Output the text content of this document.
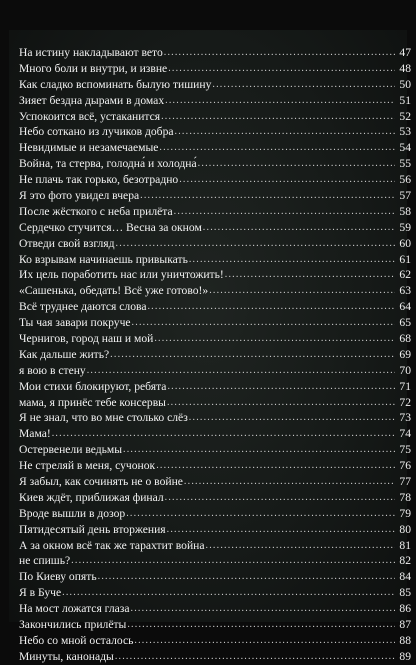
На истину накладывают вето .....	47
Много боли и внутри, и извне .....	48
Как сладко вспоминать былую тишину .....	50
Зияет бездна дырами в домах .....	51
Успокоится всё, устаканится .....	52
Небо соткано из лучиков добра .....	53
Невидимые и незамечаемые .....	54
Война, та стерва, голодна́ и холодна́ .....	55
Не плачь так горько, безотрадно .....	56
Я это фото увидел вчера .....	57
После жёсткого с неба прилёта .....	58
Сердечко стучится… Весна за окном .....	59
Отведи свой взгляд .....	60
Ко взрывам начинаешь привыкать .....	61
Их цель поработить нас или уничтожить! .....	62
«Сашенька, обедать! Всё уже готово!» .....	63
Всё труднее даются слова .....	64
Ты чая завари покруче .....	65
Чернигов, город наш и мой .....	68
Как дальше жить? .....	69
я вою в стену .....	70
Мои стихи блокируют, ребята .....	71
мама, я принёс тебе консервы .....	72
Я не знал, что во мне столько слёз .....	73
Мама! .....	74
Остервенели ведьмы .....	75
Не стреляй в меня, сучонок .....	76
Я забыл, как сочинять не о войне .....	77
Киев ждёт, приближая финал .....	78
Вроде вышли в дозор .....	79
Пятидесятый день вторжения .....	80
А за окном всё так же тарахтит война .....	81
не спишь? .....	82
По Киеву опять .....	84
Я в Буче .....	85
На мост ложатся глаза .....	86
Закончились прилёты .....	87
Небо со мной осталось .....	88
Минуты, канонады .....	89
